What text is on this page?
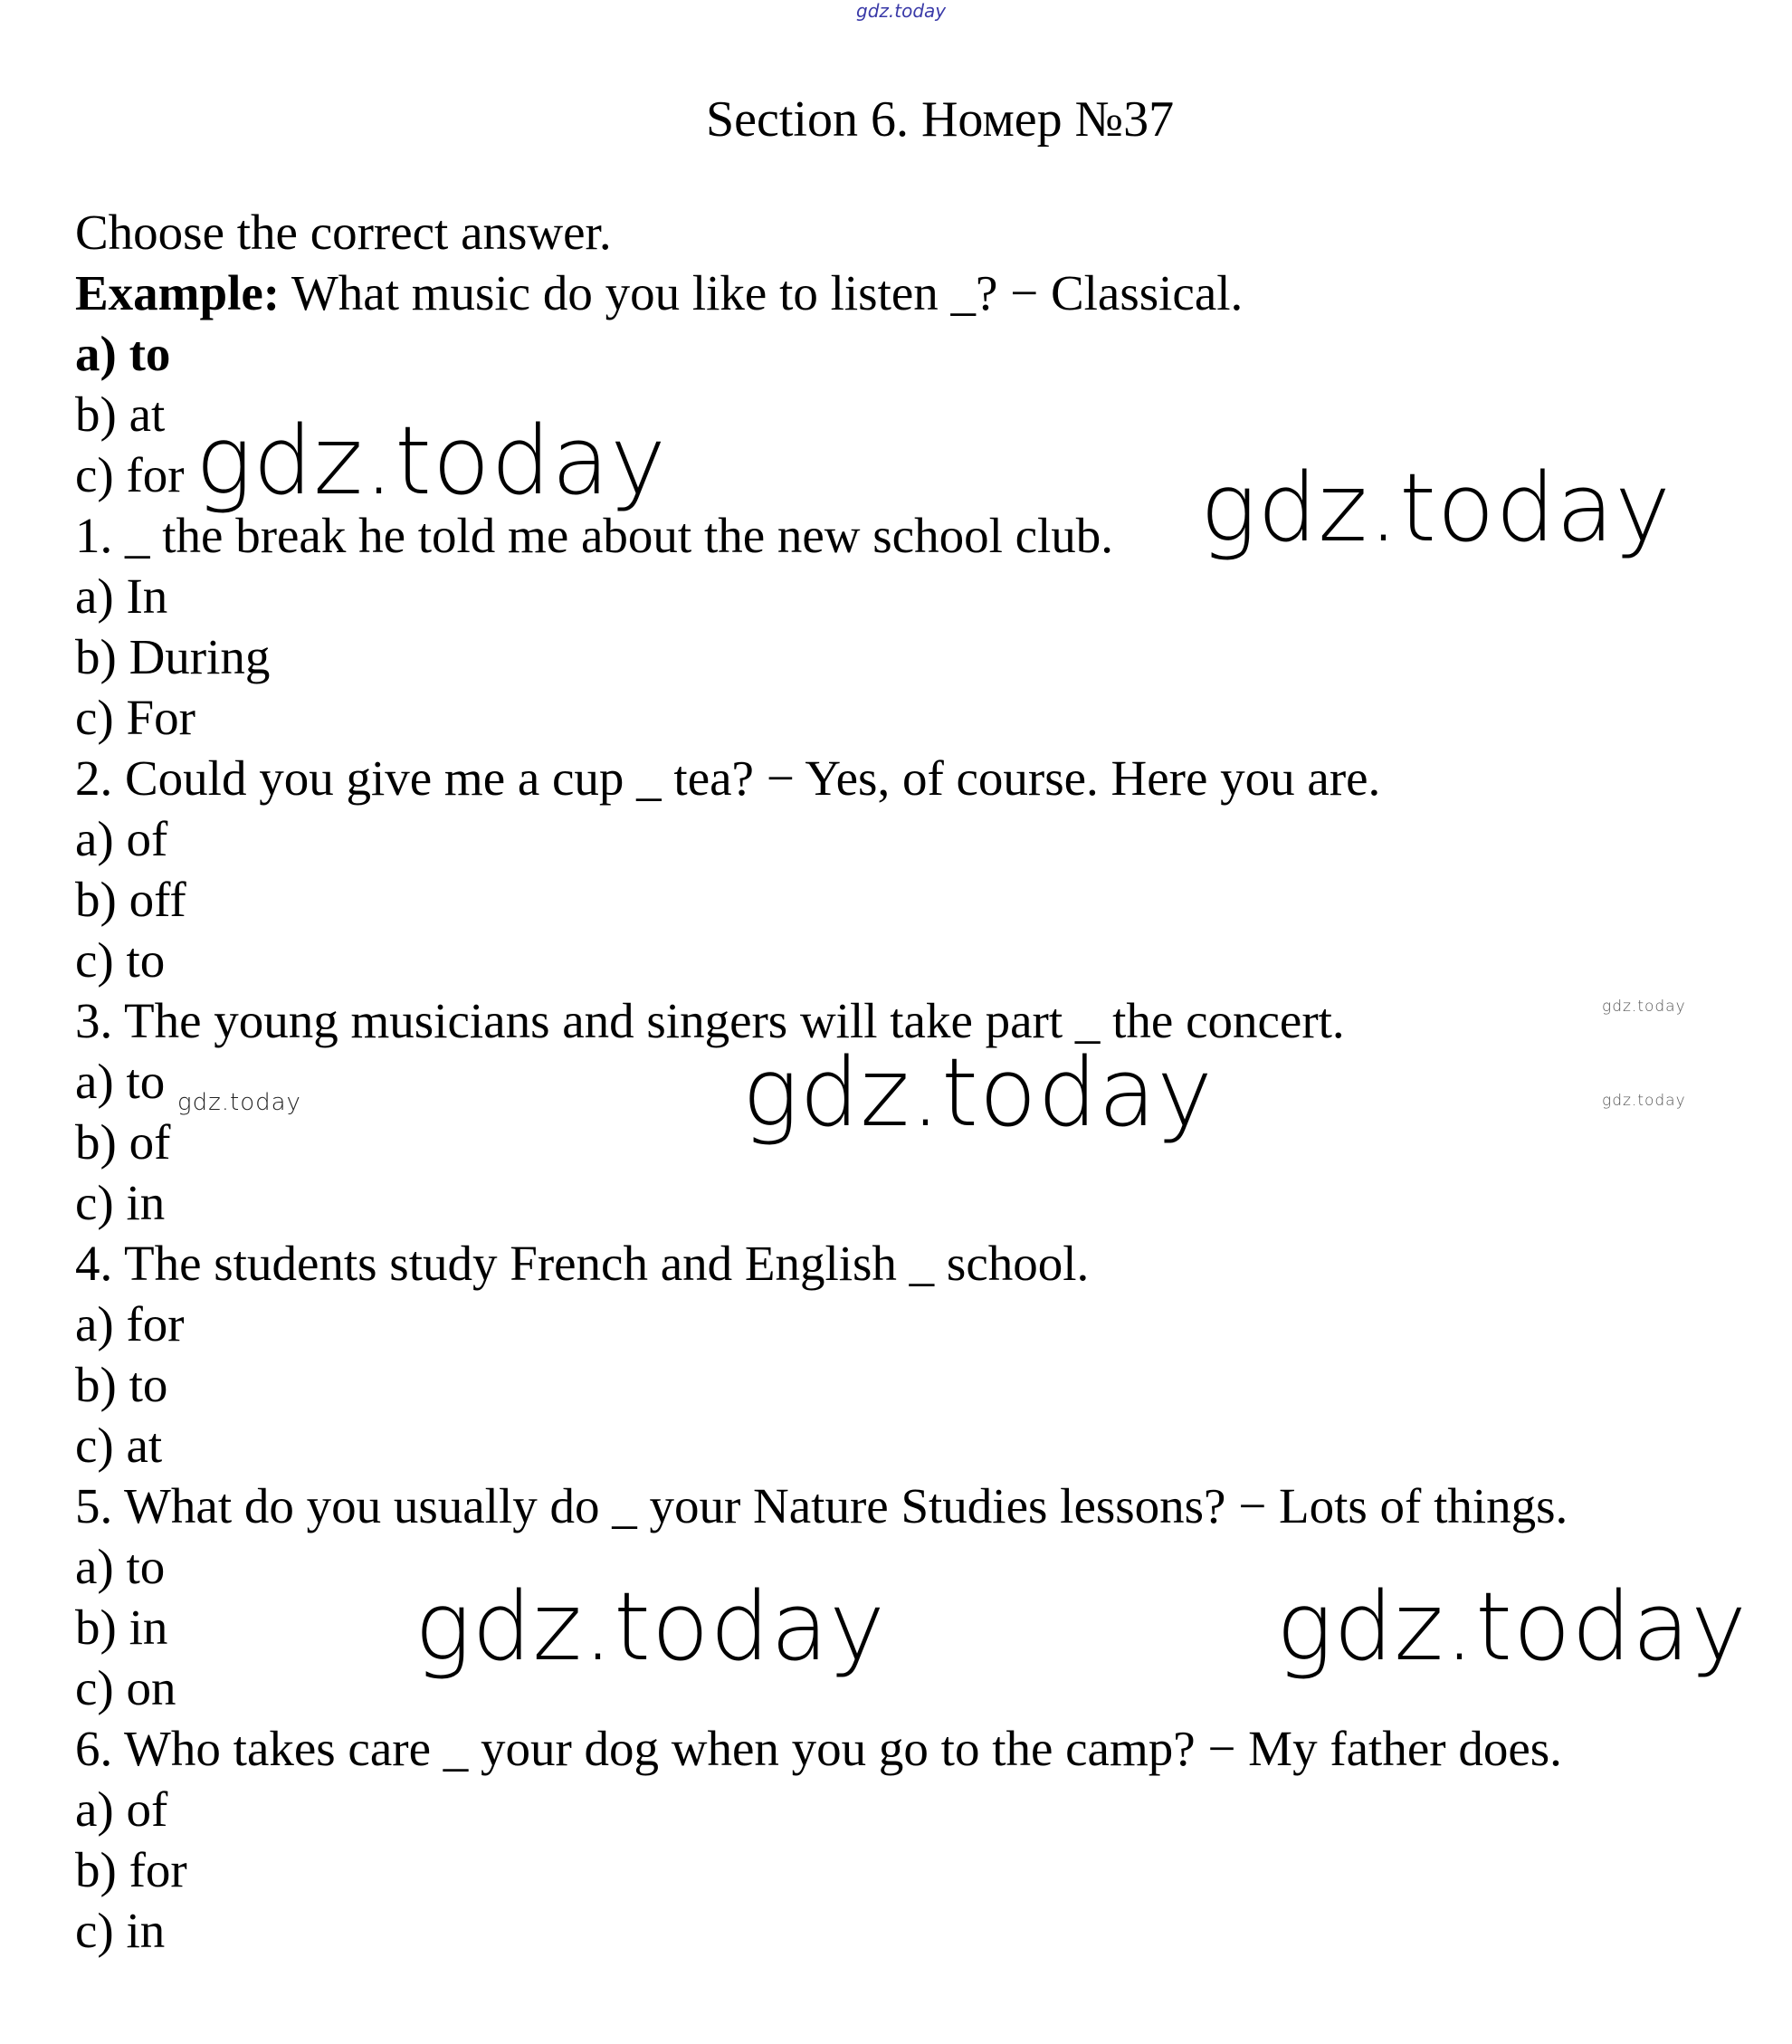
gdz.today
Section 6. Номер №37
Choose the correct answer.
Example: What music do you like to listen _? − Classical.
a) to
b) at
c) for
1. _ the break he told me about the new school club.
a) In
b) During
c) For
2. Could you give me a cup _ tea? − Yes, of course. Here you are.
a) of
b) off
c) to
3. The young musicians and singers will take part _ the concert.
a) to
b) of
c) in
4. The students study French and English _ school.
a) for
b) to
c) at
5. What do you usually do _ your Nature Studies lessons? − Lots of things.
a) to
b) in
c) on
6. Who takes care _ your dog when you go to the camp? − My father does.
a) of
b) for
c) in
gdz.today	gdz.today
gdz.today
gdz.today	gdz.today
gdz.today
gdz.today
gdz.today
